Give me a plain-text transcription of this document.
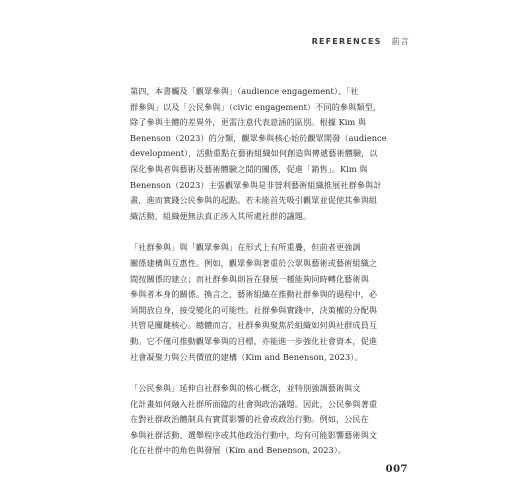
REFERENCES 前言
第四，本書觸及「觀眾參與」（audience engagement）、「社
群參與」以及「公民參與」（civic engagement）不同的參與類型，
除了參與主體的差異外，更需注意代表意涵的區別。根據 Kim 與
Benenson（2023）的分類，觀眾參與核心始於觀眾開發（audience
development），活動重點在藝術組織如何創造與傳遞藝術體驗，以
深化參與者與藝術及藝術體驗之間的關係，促進「銷售」。Kim 與
Benenson（2023）主張觀眾參與是非營利藝術組織推展社群參與計
畫，進而實踐公民參與的起點。若未能首先吸引觀眾並促使其參與組
織活動，組織便無法真正涉入其所處社群的議題。
「社群參與」與「觀眾參與」在形式上有所重疊，但前者更強調
關係建構與互惠性。例如，觀眾參與著重於公眾與藝術或藝術組織之
間按關係的建立；而社群參與則旨在發展一種能夠同時轉化藝術與
參與者本身的關係。換言之，藝術組織在推動社群參與的過程中，必
須開放自身，接受變化的可能性。社群參與實踐中，決策權的分配與
共管是關鍵核心。總體而言，社群參與聚焦於組織如何與社群成員互
動。它不僅可推動觀眾參與的目標，亦能進一步強化社會資本，促進
社會凝聚力與公共價值的建構（Kim and Benenson, 2023）。
「公民參與」延伸自社群參與的核心概念，並特別強調藝術與文
化計畫如何融入社群所面臨的社會與政治議題。因此，公民參與著重
在對社群政治體制具有實質影響的社會或政治行動。例如，公民在
參與社群活動、選舉程序或其他政治行動中，均有可能影響藝術與文
化在社群中的角色與發展（Kim and Benenson, 2023）。
007
